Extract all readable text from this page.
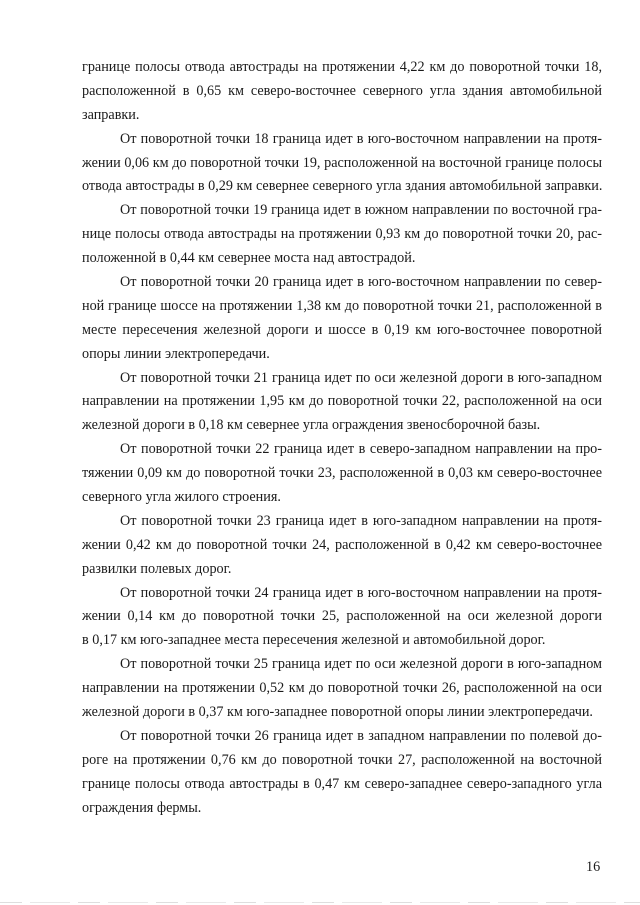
границе полосы отвода автострады на протяжении 4,22 км до поворотной точки 18,
расположенной в 0,65 км северо-восточнее северного угла здания автомобильной
заправки.
От поворотной точки 18 граница идет в юго-восточном направлении на протя-
жении 0,06 км до поворотной точки 19, расположенной на восточной границе полосы
отвода автострады в 0,29 км севернее северного угла здания автомобильной заправки.
От поворотной точки 19 граница идет в южном направлении по восточной гра-
нице полосы отвода автострады на протяжении 0,93 км до поворотной точки 20, рас-
положенной в 0,44 км севернее моста над автострадой.
От поворотной точки 20 граница идет в юго-восточном направлении по север-
ной границе шоссе на протяжении 1,38 км до поворотной точки 21, расположенной в
месте пересечения железной дороги и шоссе в 0,19 км юго-восточнее поворотной
опоры линии электропередачи.
От поворотной точки 21 граница идет по оси железной дороги в юго-западном
направлении на протяжении 1,95 км до поворотной точки 22, расположенной на оси
железной дороги в 0,18 км севернее угла ограждения звеносборочной базы.
От поворотной точки 22 граница идет в северо-западном направлении на про-
тяжении 0,09 км до поворотной точки 23, расположенной в 0,03 км северо-восточнее
северного угла жилого строения.
От поворотной точки 23 граница идет в юго-западном направлении на протя-
жении 0,42 км до поворотной точки 24, расположенной в 0,42 км северо-восточнее
развилки полевых дорог.
От поворотной точки 24 граница идет в юго-восточном направлении на протя-
жении 0,14 км до поворотной точки 25, расположенной на оси железной дороги
в 0,17 км юго-западнее места пересечения железной и автомобильной дорог.
От поворотной точки 25 граница идет по оси железной дороги в юго-западном
направлении на протяжении 0,52 км до поворотной точки 26, расположенной на оси
железной дороги в 0,37 км юго-западнее поворотной опоры линии электропередачи.
От поворотной точки 26 граница идет в западном направлении по полевой до-
роге на протяжении 0,76 км до поворотной точки 27, расположенной на восточной
границе полосы отвода автострады в 0,47 км северо-западнее северо-западного угла
ограждения фермы.
16
